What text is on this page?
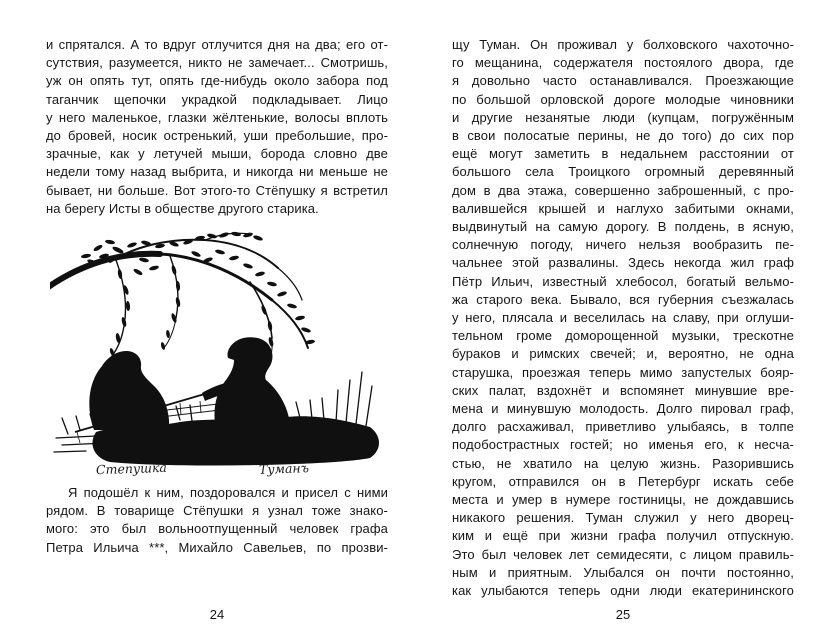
и спрятался. А то вдруг отлучится дня на два; его от-
сутствия, разумеется, никто не замечает... Смотришь,
уж он опять тут, опять где-нибудь около забора под
таганчик щепочки украдкой подкладывает. Лицо
у него маленькое, глазки жёлтенькие, волосы вплоть
до бровей, носик остренький, уши пребольшие, про-
зрачные, как у летучей мыши, борода словно две
недели тому назад выбрита, и никогда ни меньше не
бывает, ни больше. Вот этого-то Стёпушку я встретил
на берегу Исты в обществе другого старика.
Степушка	Туманъ
Я подошёл к ним, поздоровался и присел с ними
рядом. В товарище Стёпушки я узнал тоже знако-
мого: это был вольноотпущенный человек графа
Петра Ильича ***, Михайло Савельев, по прозви-
24
щу Туман. Он проживал у болховского чахоточно-
го мещанина, содержателя постоялого двора, где
я довольно часто останавливался. Проезжающие
по большой орловской дороге молодые чиновники
и другие незанятые люди (купцам, погружённым
в свои полосатые перины, не до того) до сих пор
ещё могут заметить в недальнем расстоянии от
большого села Троицкого огромный деревянный
дом в два этажа, совершенно заброшенный, с про-
валившейся крышей и наглухо забитыми окнами,
выдвинутый на самую дорогу. В полдень, в ясную,
солнечную погоду, ничего нельзя вообразить пе-
чальнее этой развалины. Здесь некогда жил граф
Пётр Ильич, известный хлебосол, богатый вельмо-
жа старого века. Бывало, вся губерния съезжалась
у него, плясала и веселилась на славу, при оглуши-
тельном громе доморощенной музыки, трескотне
бураков и римских свечей; и, вероятно, не одна
старушка, проезжая теперь мимо запустелых бояр-
ских палат, вздохнёт и вспомянет минувшие вре-
мена и минувшую молодость. Долго пировал граф,
долго расхаживал, приветливо улыбаясь, в толпе
подобострастных гостей; но именья его, к несча-
стью, не хватило на целую жизнь. Разорившись
кругом, отправился он в Петербург искать себе
места и умер в нумере гостиницы, не дождавшись
никакого решения. Туман служил у него дворец-
ким и ещё при жизни графа получил отпускную.
Это был человек лет семидесяти, с лицом правиль-
ным и приятным. Улыбался он почти постоянно,
как улыбаются теперь одни люди екатерининского
25
